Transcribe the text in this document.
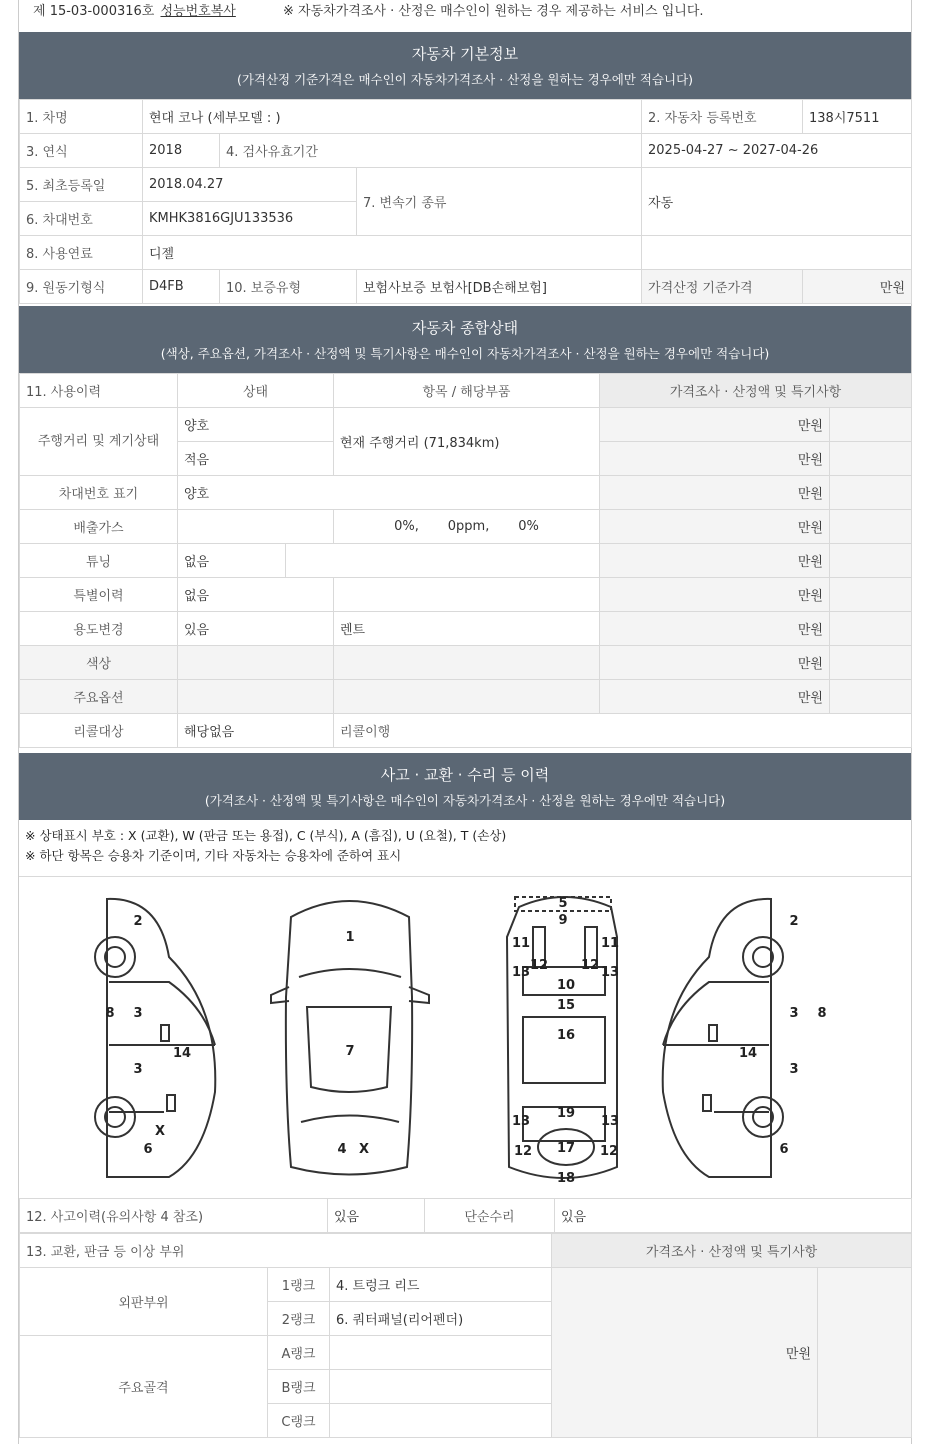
제 15-03-000316호 성능번호복사	※ 자동차가격조사 · 산정은 매수인이 원하는 경우 제공하는 서비스 입니다.
자동차 기본정보
(가격산정 기준가격은 매수인이 자동차가격조사 · 산정을 원하는 경우에만 적습니다)
1. 차명	현대 코나 (세부모델 : )			2. 자동차 등록번호	138시7511
3. 연식	2018	4. 검사유효기간		2025-04-27 ~ 2027-04-26	
5. 최초등록일	2018.04.27		7. 변속기 종류	자동	
6. 차대번호	KMHK3816GJU133536				
8. 사용연료	디젤				
9. 원동기형식	D4FB	10. 보증유형	보험사보증 보험사[DB손해보험]	가격산정 기준가격	만원
자동차 종합상태
(색상, 주요옵션, 가격조사 · 산정액 및 특기사항은 매수인이 자동차가격조사 · 산정을 원하는 경우에만 적습니다)
11. 사용이력	상태		항목 / 해당부품	가격조사 · 산정액 및 특기사항	
주행거리 및 계기상태	양호		현재 주행거리 (71,834km)	만원	
	적음			만원	
차대번호 표기	양호			만원	
배출가스			0%,       0ppm,       0%	만원	
튜닝	없음			만원	
특별이력	없음			만원	
용도변경	있음		렌트	만원	
색상				만원	
주요옵션				만원	
리콜대상	해당없음		리콜이행		
사고 · 교환 · 수리 등 이력
(가격조사 · 산정액 및 특기사항은 매수인이 자동차가격조사 · 산정을 원하는 경우에만 적습니다)
※ 상태표시 부호 : X (교환), W (판금 또는 용접), C (부식), A (흠집), U (요철), T (손상)
※ 하단 항목은 승용차 기준이며, 기타 자동차는 승용차에 준하여 표시
2
3
3
8
14
6
X
1
7
4 X
5
9
11	11
12	12
13	13
10
15
16
19
13	13
12	12
17
18
2
3
3
8
14
6
12. 사고이력(유의사항 4 참조)	있음	단순수리	있음
13. 교환, 판금 등 이상 부위			가격조사 · 산정액 및 특기사항	
외판부위	1랭크	4. 트렁크 리드	만원	
	2랭크	6. 쿼터패널(리어펜더)		
주요골격	A랭크			
	B랭크			
	C랭크			
